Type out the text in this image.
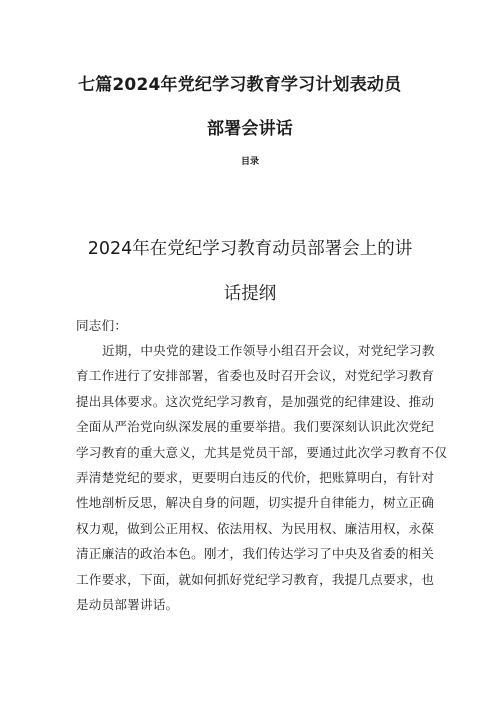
七篇2024年党纪学习教育学习计划表动员
部署会讲话
目录
2024年在党纪学习教育动员部署会上的讲
话提纲
同志们：
近期，中央党的建设工作领导小组召开会议，对党纪学习教
育工作进行了安排部署，省委也及时召开会议，对党纪学习教育
提出具体要求。这次党纪学习教育，是加强党的纪律建设、推动
全面从严治党向纵深发展的重要举措。我们要深刻认识此次党纪
学习教育的重大意义，尤其是党员干部，要通过此次学习教育不仅
弄清楚党纪的要求，更要明白违反的代价，把账算明白，有针对
性地剖析反思，解决自身的问题，切实提升自律能力，树立正确
权力观，做到公正用权、依法用权、为民用权、廉洁用权，永葆
清正廉洁的政治本色。刚才，我们传达学习了中央及省委的相关
工作要求，下面，就如何抓好党纪学习教育，我提几点要求，也
是动员部署讲话。
